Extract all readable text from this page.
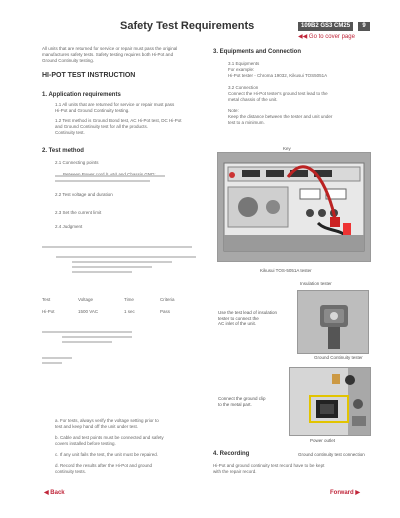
Safety Test Requirements	109B2 GS3 CM25	9
◀◀ Go to cover page
All units that are returned for service or repair must pass the original
manufactures safety tests. Safety testing requires both Hi-Pot and
Ground Continuity testing.
HI-POT TEST INSTRUCTION
1. Application requirements
1.1 All units that are returned for service or repair must pass
Hi-Pot and Ground Continuity testing.
1.2 Test method is Ground Bond test, AC Hi-Pot test, DC Hi-Pot
and Ground Continuity test for all the products.
Continuity test.
2. Test method
2.1 Connecting points
2.2 Test voltage and duration
2.3 Set the current limit
2.4 Judgment
Test	Voltage	Time	Criteria
Hi-Pot	1500 VAC	1 sec	Pass
a. For tests, always verify the voltage setting prior to
test and keep hand off the unit under test.
b. Cable and test points must be connected and safety
covers installed before testing.
c. If any unit fails the test, the unit must be repaired.
d. Record the results after the Hi-Pot and ground
continuity tests.
3. Equipments and Connection
3.1 Equipments
For example:
Hi-Pot tester - Chroma 19032, Kikusui TOS5051A
3.2 Connection
Connect the Hi-Pot tester's ground test lead to the
metal chassis of the unit.
Note:
Keep the distance between the tester and unit under
test to a minimum.
Key
Kikusui TOS-5051A tester
Insulation tester
Use the test lead of insulation
tester to connect the
AC inlet of the unit.
Ground Continuity tester
Connect the ground clip
to the metal part.
Power outlet
Ground continuity test connection
4. Recording
Hi-Pot and ground continuity test record have to be kept
with the repair record.
◀ Back	Forward ▶
